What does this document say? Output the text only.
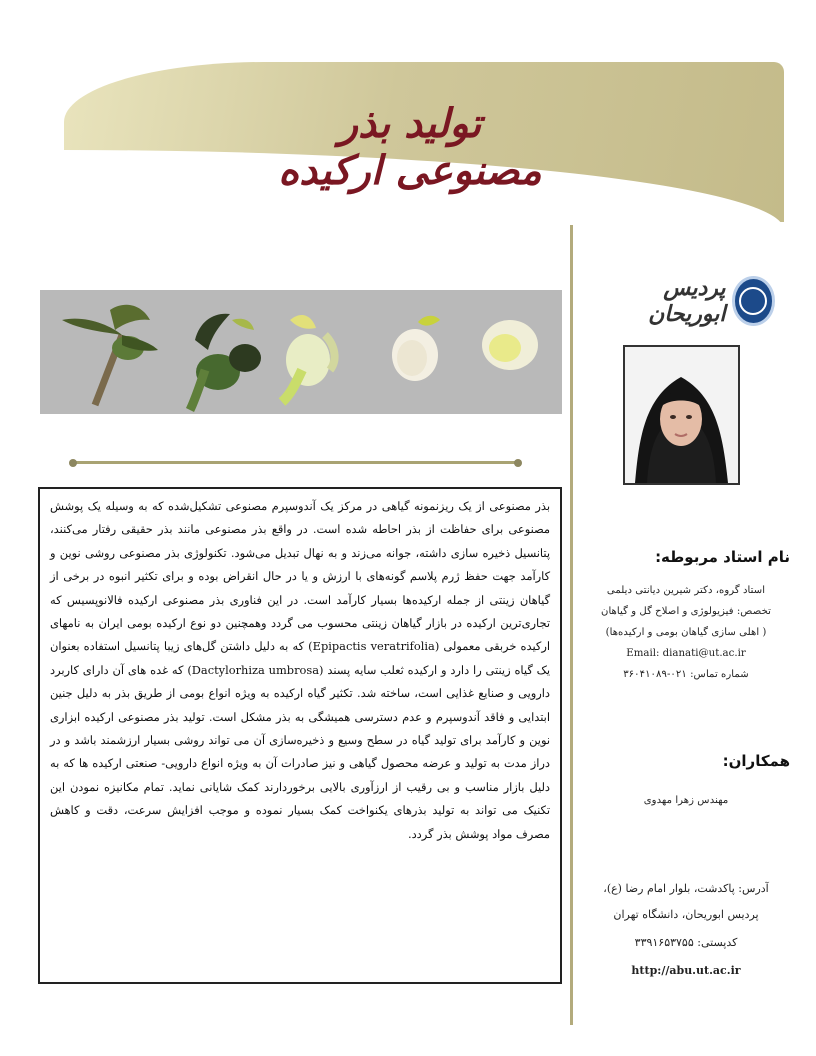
تولید بذر مصنوعی ارکیده
پردیس ابوریحان

بذر مصنوعی از یک ریزنمونه گیاهی در مرکز یک آندوسپرم مصنوعی تشکیل‌شده که به وسیله یک پوشش مصنوعی برای حفاظت از بذر احاطه شده است. در واقع بذر مصنوعی مانند بذر حقیقی رفتار می‌کنند، پتانسیل ذخیره سازی داشته، جوانه می‌زند و به نهال تبدیل می‌شود. تکنولوژی بذر مصنوعی روشی نوین و کارآمد جهت حفظ ژرم پلاسم گونه‌های با ارزش و یا در حال انقراض بوده و برای تکثیر انبوه در برخی از گیاهان زینتی از جمله ارکیده‌ها بسیار کارآمد است. در این فناوری بذر مصنوعی ارکیده فالانوپسیس که تجاری‌ترین ارکیده در بازار گیاهان زینتی محسوب می گردد وهمچنین دو نوع ارکیده بومی ایران به نامهای ارکیده خربقی معمولی (Epipactis veratrifolia) که به دلیل داشتن گل‌های زیبا پتانسیل استفاده بعنوان یک گیاه زینتی را دارد و ارکیده ثعلب سایه پسند (Dactylorhiza umbrosa) که غده های آن دارای کاربرد دارویی و صنایع غذایی است، ساخته شد. تکثیر گیاه ارکیده به ویژه انواع بومی از طریق بذر به دلیل جنین ابتدایی و فاقد آندوسپرم و عدم دسترسی همیشگی به بذر مشکل است. تولید بذر مصنوعی ارکیده ابزاری نوین و کارآمد برای تولید گیاه در سطح وسیع و ذخیره‌سازی آن می تواند روشی بسیار ارزشمند باشد و در دراز مدت به تولید و عرضه محصول گیاهی و نیز صادرات آن به ویژه انواع دارویی- صنعتی ارکیده ها که به دلیل بازار مناسب و بی رقیب از ارزآوری بالایی برخوردارند کمک شایانی نماید. تمام مکانیزه نمودن این تکنیک می تواند به تولید بذرهای یکنواخت کمک بسیار نموده و موجب افزایش سرعت، دقت و کاهش مصرف مواد پوشش بذر گردد.

نام استاد مربوطه:
استاد گروه، دکتر شیرین دیانتی دیلمی
تخصص: فیزیولوژی و اصلاح گل و گیاهان
( اهلی سازی گیاهان بومی و ارکیده‌ها)
Email: dianati@ut.ac.ir
شماره تماس: ۰۲۱-۳۶۰۴۱۰۸۹
همکاران:
مهندس زهرا مهدوی
آدرس: پاکدشت، بلوار امام رضا (ع)،
پردیس ابوریحان، دانشگاه تهران
کدپستی: ۳۳۹۱۶۵۳۷۵۵
http://abu.ut.ac.ir
